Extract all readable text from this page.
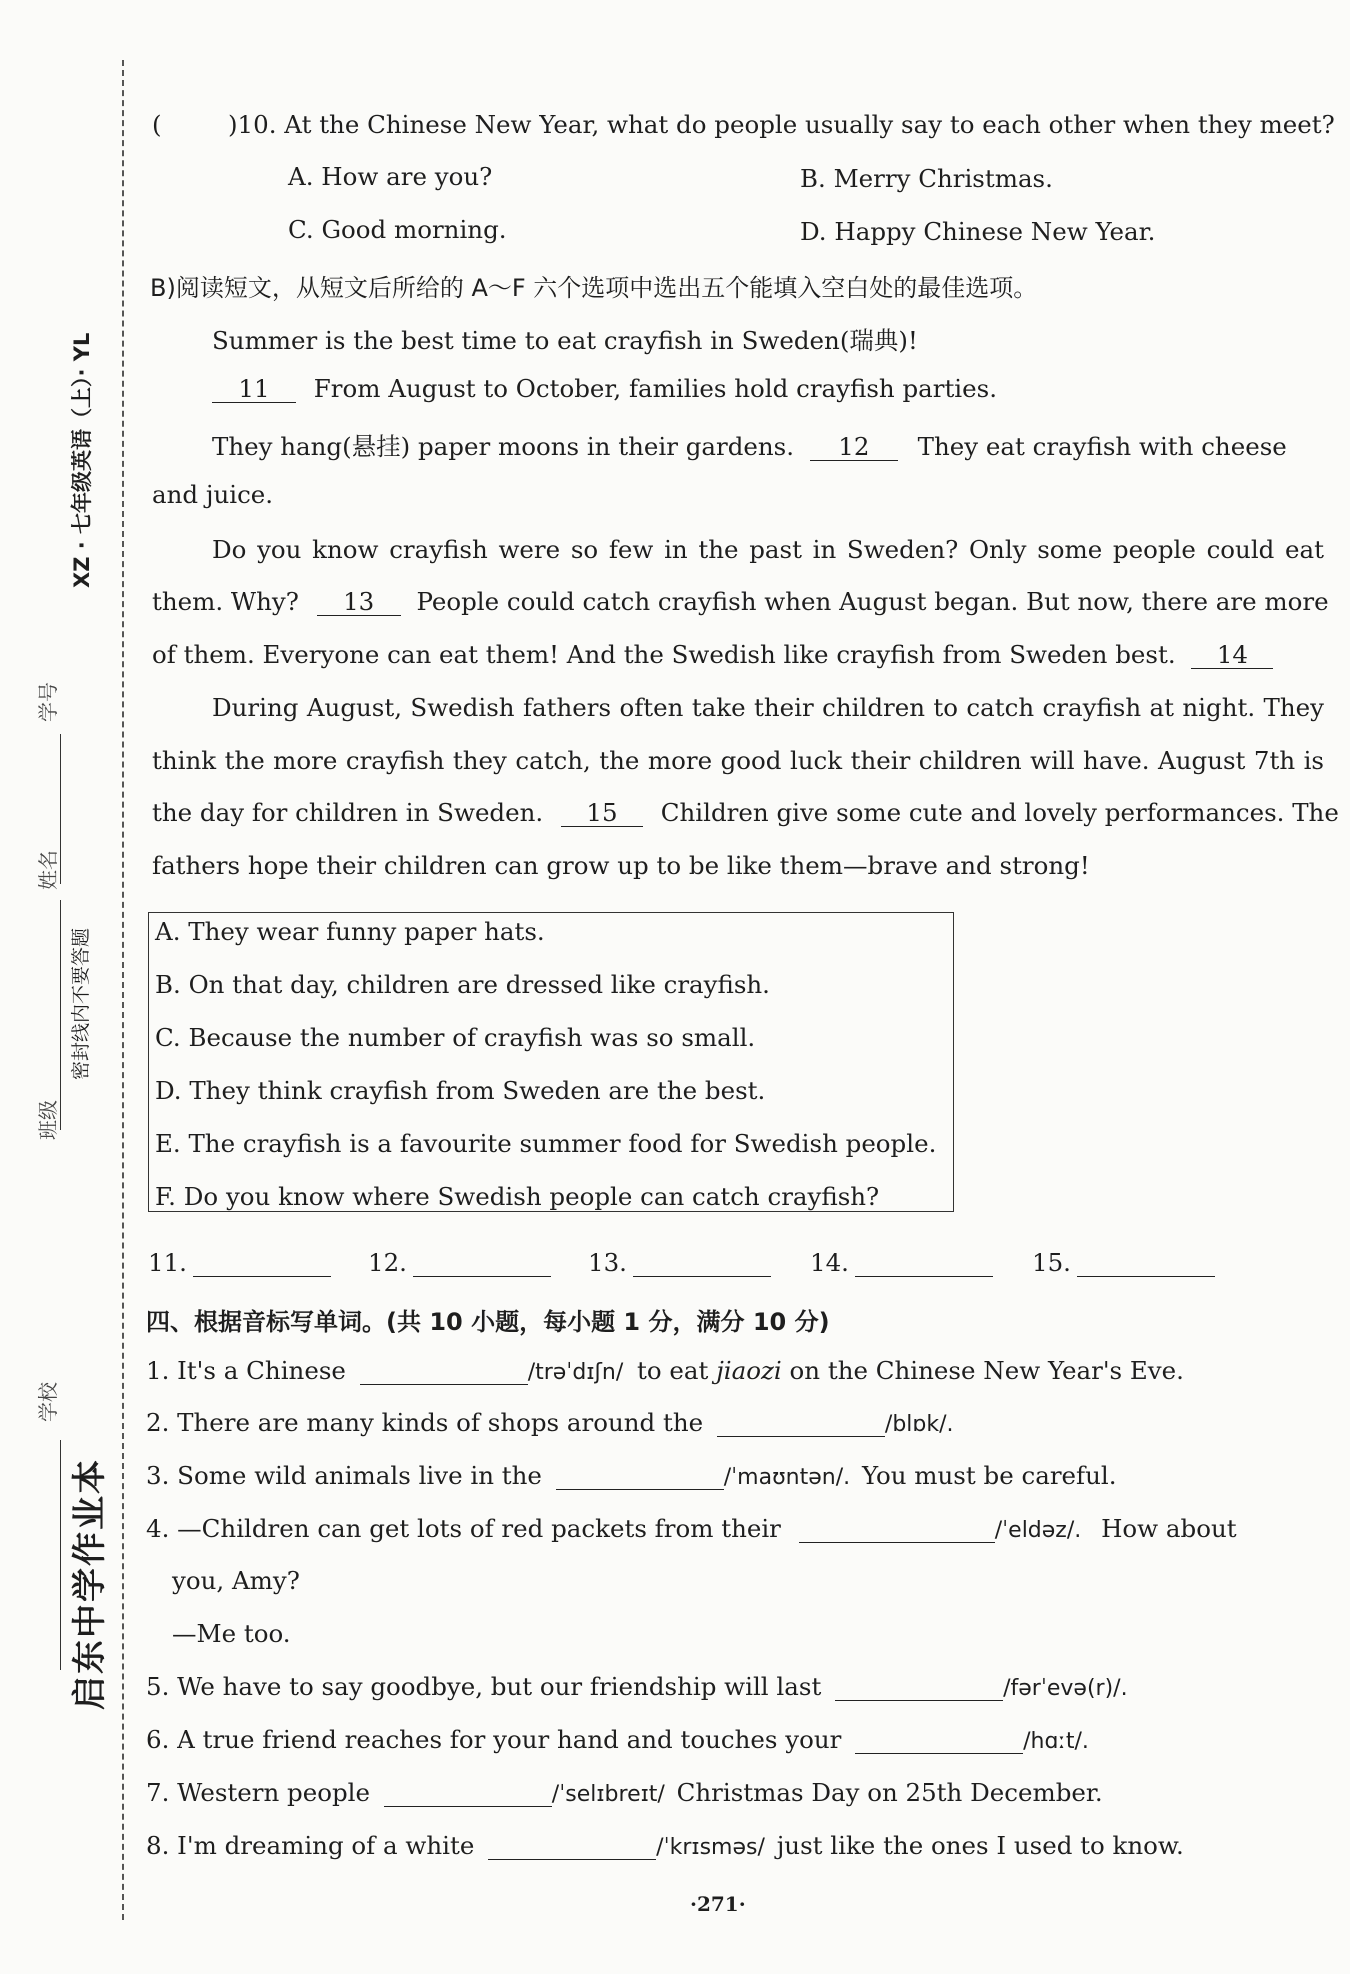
启东中学作业本
XZ · 七年级英语（上）· YL
密封线内不要答题
学校
班级
姓名
学号
(	)10. At the Chinese New Year, what do people usually say to each other when they meet?
A. How are you?	B. Merry Christmas.
C. Good morning.	D. Happy Chinese New Year.
B)阅读短文，从短文后所给的 A～F 六个选项中选出五个能填入空白处的最佳选项。
Summer is the best time to eat crayfish in Sweden(瑞典)!
11 From August to October, families hold crayfish parties.
They hang(悬挂) paper moons in their gardens. 12 They eat crayfish with cheese
and juice.
Do you know crayfish were so few in the past in Sweden? Only some people could eat
them. Why? 13 People could catch crayfish when August began. But now, there are more
of them. Everyone can eat them! And the Swedish like crayfish from Sweden best. 14
During August, Swedish fathers often take their children to catch crayfish at night. They
think the more crayfish they catch, the more good luck their children will have. August 7th is
the day for children in Sweden. 15 Children give some cute and lovely performances. The
fathers hope their children can grow up to be like them—brave and strong!
A. They wear funny paper hats.
B. On that day, children are dressed like crayfish.
C. Because the number of crayfish was so small.
D. They think crayfish from Sweden are the best.
E. The crayfish is a favourite summer food for Swedish people.
F. Do you know where Swedish people can catch crayfish?
11.	12.	13.	14.	15.
四、根据音标写单词。(共 10 小题，每小题 1 分，满分 10 分)
1. It's a Chinese	/trəˈdɪʃn/ to eat jiaozi on the Chinese New Year's Eve.
2. There are many kinds of shops around the	/blɒk/.
3. Some wild animals live in the	/ˈmaʊntən/. You must be careful.
4. —Children can get lots of red packets from their	/ˈeldəz/. How about
you, Amy?
—Me too.
5. We have to say goodbye, but our friendship will last	/fərˈevə(r)/.
6. A true friend reaches for your hand and touches your	/hɑːt/.
7. Western people	/ˈselɪbreɪt/ Christmas Day on 25th December.
8. I'm dreaming of a white	/ˈkrɪsməs/ just like the ones I used to know.
·271·
